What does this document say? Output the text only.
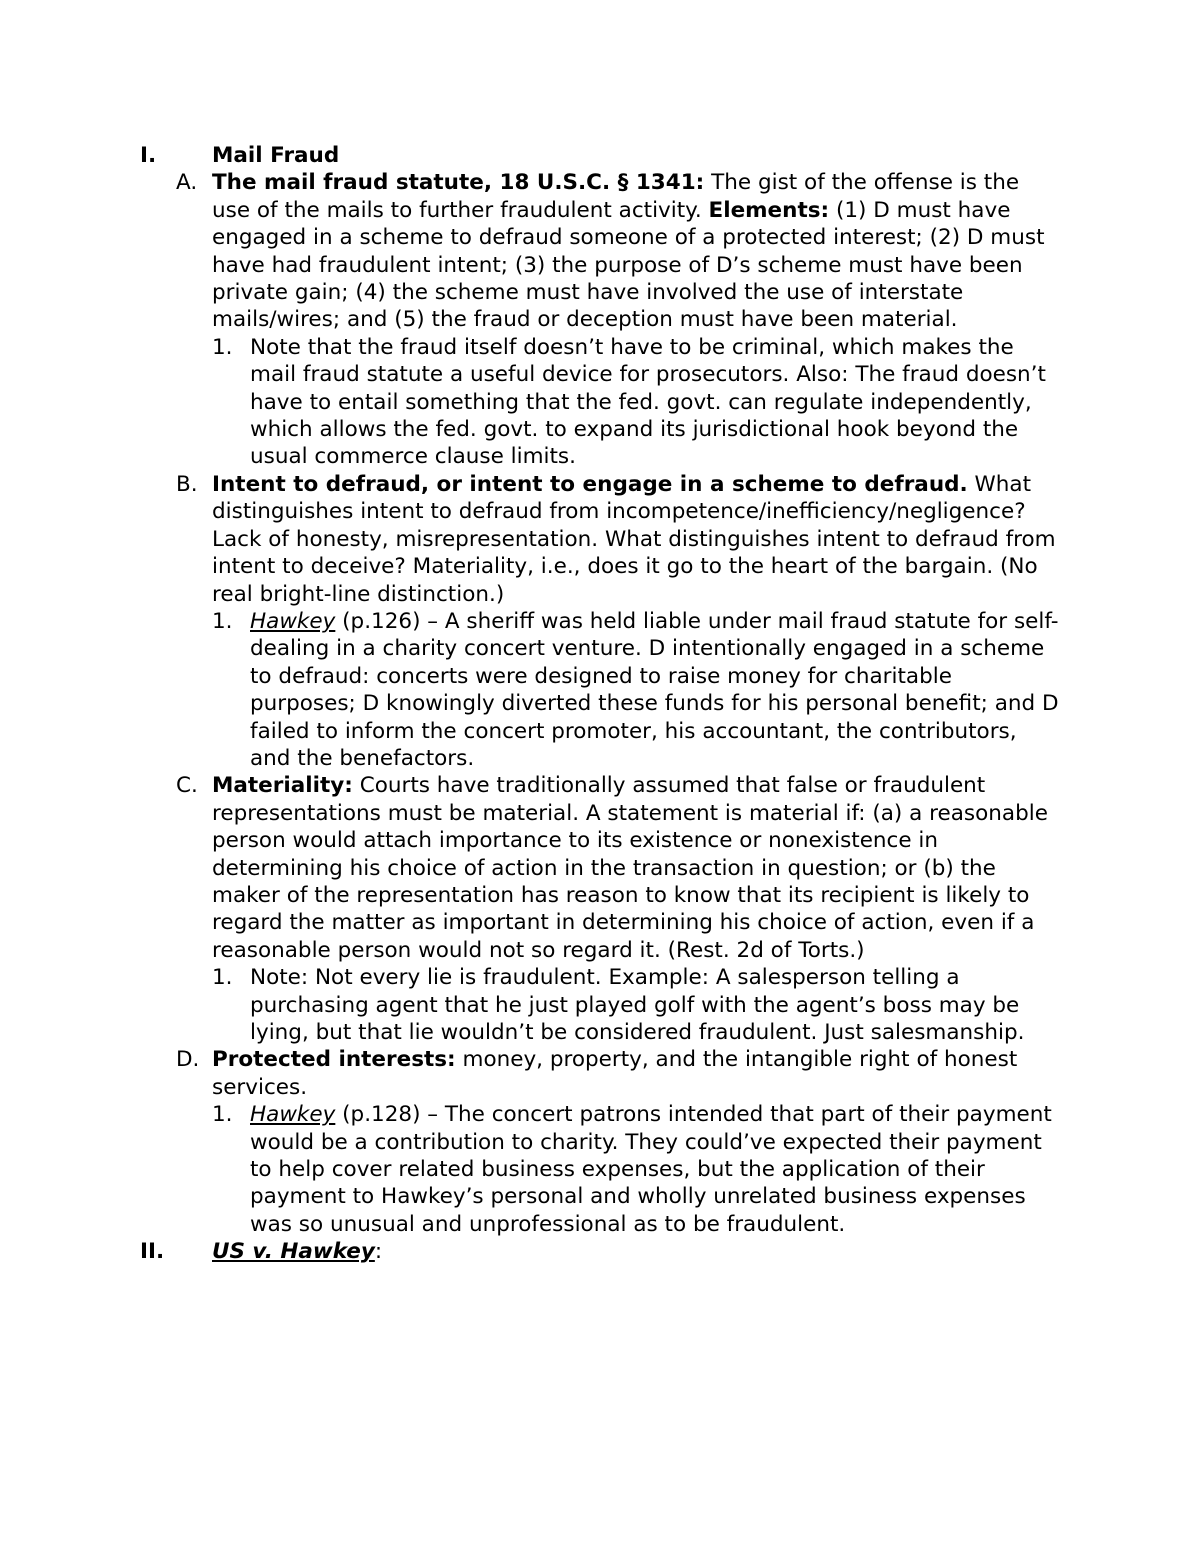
I.	Mail Fraud
A. The mail fraud statute, 18 U.S.C. § 1341: The gist of the offense is the use of the mails to further fraudulent activity. Elements: (1) D must have engaged in a scheme to defraud someone of a protected interest; (2) D must have had fraudulent intent; (3) the purpose of D’s scheme must have been private gain; (4) the scheme must have involved the use of interstate mails/wires; and (5) the fraud or deception must have been material.
1. Note that the fraud itself doesn’t have to be criminal, which makes the mail fraud statute a useful device for prosecutors. Also: The fraud doesn’t have to entail something that the fed. govt. can regulate independently, which allows the fed. govt. to expand its jurisdictional hook beyond the usual commerce clause limits.
B. Intent to defraud, or intent to engage in a scheme to defraud. What distinguishes intent to defraud from incompetence/inefficiency/negligence? Lack of honesty, misrepresentation. What distinguishes intent to defraud from intent to deceive? Materiality, i.e., does it go to the heart of the bargain. (No real bright-line distinction.)
1. Hawkey (p.126) – A sheriff was held liable under mail fraud statute for self-dealing in a charity concert venture. D intentionally engaged in a scheme to defraud: concerts were designed to raise money for charitable purposes; D knowingly diverted these funds for his personal benefit; and D failed to inform the concert promoter, his accountant, the contributors, and the benefactors.
C. Materiality: Courts have traditionally assumed that false or fraudulent representations must be material. A statement is material if: (a) a reasonable person would attach importance to its existence or nonexistence in determining his choice of action in the transaction in question; or (b) the maker of the representation has reason to know that its recipient is likely to regard the matter as important in determining his choice of action, even if a reasonable person would not so regard it. (Rest. 2d of Torts.)
1. Note: Not every lie is fraudulent. Example: A salesperson telling a purchasing agent that he just played golf with the agent’s boss may be lying, but that lie wouldn’t be considered fraudulent. Just salesmanship.
D. Protected interests: money, property, and the intangible right of honest services.
1. Hawkey (p.128) – The concert patrons intended that part of their payment would be a contribution to charity. They could’ve expected their payment to help cover related business expenses, but the application of their payment to Hawkey’s personal and wholly unrelated business expenses was so unusual and unprofessional as to be fraudulent.
II.	US v. Hawkey:
